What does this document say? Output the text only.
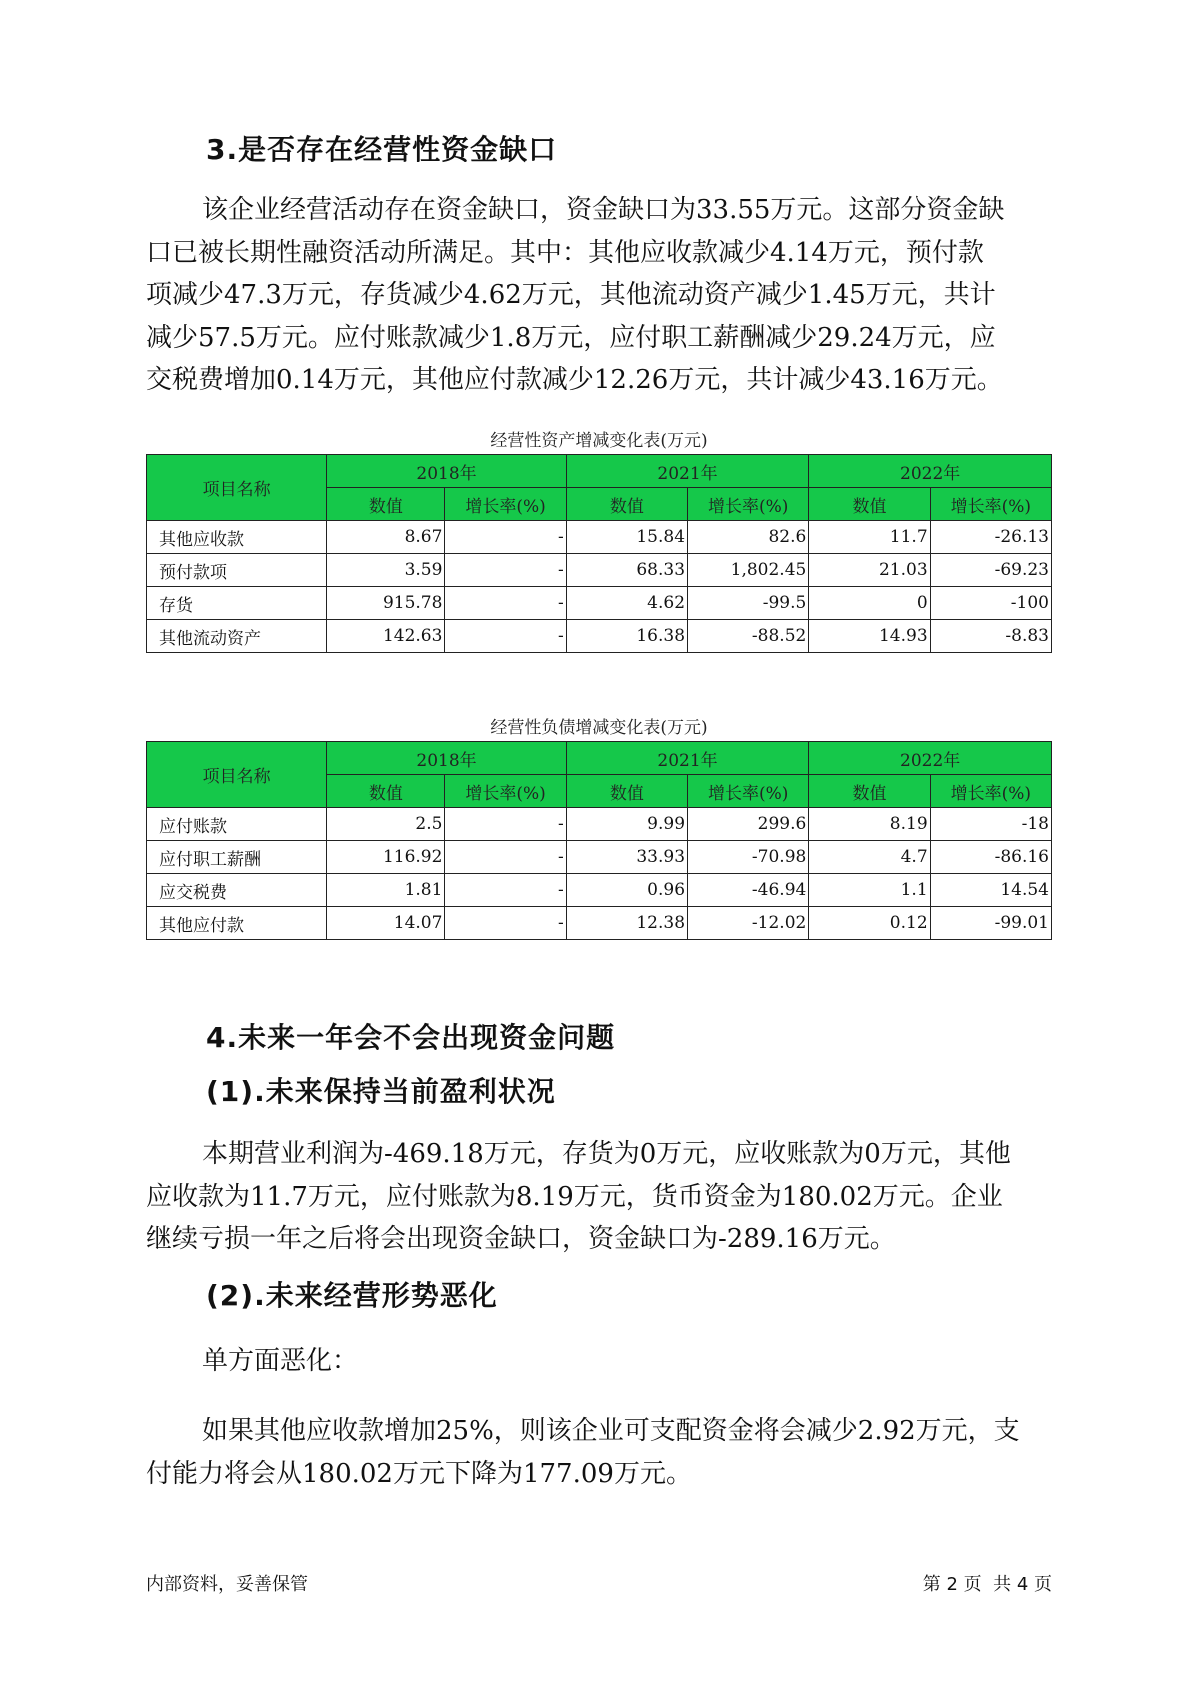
3.是否存在经营性资金缺口
该企业经营活动存在资金缺口，资金缺口为33.55万元。这部分资金缺
口已被长期性融资活动所满足。其中：其他应收款减少4.14万元，预付款
项减少47.3万元，存货减少4.62万元，其他流动资产减少1.45万元，共计
减少57.5万元。应付账款减少1.8万元，应付职工薪酬减少29.24万元，应
交税费增加0.14万元，其他应付款减少12.26万元，共计减少43.16万元。
经营性资产增减变化表(万元)
项目名称	2018年		2021年		2022年	
	数值	增长率(%)	数值	增长率(%)	数值	增长率(%)
其他应收款	8.67	-	15.84	82.6	11.7	-26.13
预付款项	3.59	-	68.33	1,802.45	21.03	-69.23
存货	915.78	-	4.62	-99.5	0	-100
其他流动资产	142.63	-	16.38	-88.52	14.93	-8.83
经营性负债增减变化表(万元)
项目名称	2018年		2021年		2022年	
	数值	增长率(%)	数值	增长率(%)	数值	增长率(%)
应付账款	2.5	-	9.99	299.6	8.19	-18
应付职工薪酬	116.92	-	33.93	-70.98	4.7	-86.16
应交税费	1.81	-	0.96	-46.94	1.1	14.54
其他应付款	14.07	-	12.38	-12.02	0.12	-99.01
4.未来一年会不会出现资金问题
(1).未来保持当前盈利状况
本期营业利润为-469.18万元，存货为0万元，应收账款为0万元，其他
应收款为11.7万元，应付账款为8.19万元，货币资金为180.02万元。企业
继续亏损一年之后将会出现资金缺口，资金缺口为-289.16万元。
(2).未来经营形势恶化
单方面恶化：
如果其他应收款增加25%，则该企业可支配资金将会减少2.92万元，支
付能力将会从180.02万元下降为177.09万元。
内部资料，妥善保管	第 2 页  共 4 页
